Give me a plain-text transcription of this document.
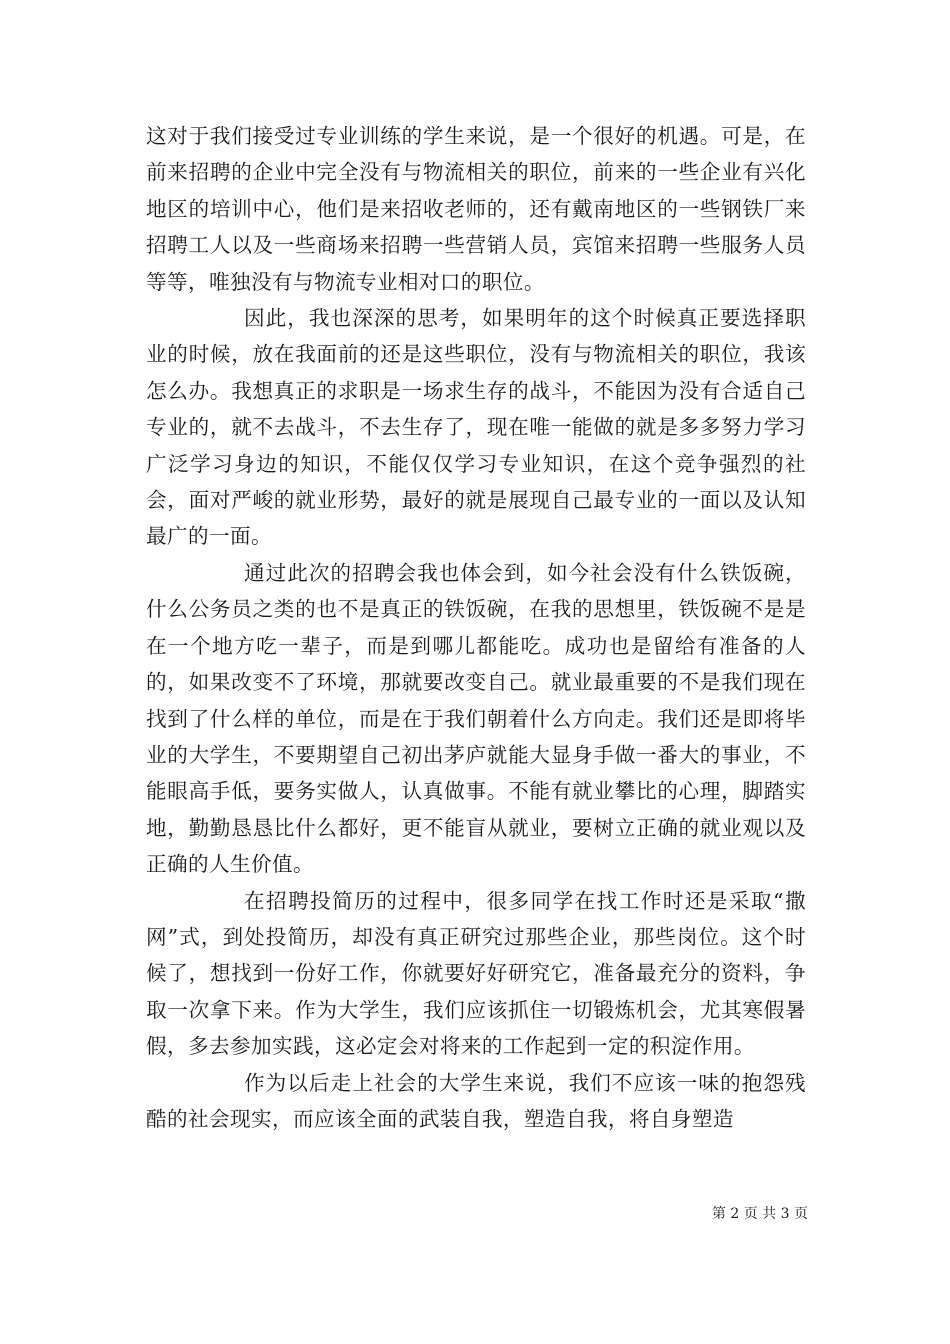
这对于我们接受过专业训练的学生来说，是一个很好的机遇。可是，在前来招聘的企业中完全没有与物流相关的职位，前来的一些企业有兴化地区的培训中心，他们是来招收老师的，还有戴南地区的一些钢铁厂来招聘工人以及一些商场来招聘一些营销人员，宾馆来招聘一些服务人员等等，唯独没有与物流专业相对口的职位。

因此，我也深深的思考，如果明年的这个时候真正要选择职业的时候，放在我面前的还是这些职位，没有与物流相关的职位，我该怎么办。我想真正的求职是一场求生存的战斗，不能因为没有合适自己专业的，就不去战斗，不去生存了，现在唯一能做的就是多多努力学习广泛学习身边的知识，不能仅仅学习专业知识，在这个竞争强烈的社会，面对严峻的就业形势，最好的就是展现自己最专业的一面以及认知最广的一面。

通过此次的招聘会我也体会到，如今社会没有什么铁饭碗，什么公务员之类的也不是真正的铁饭碗，在我的思想里，铁饭碗不是是在一个地方吃一辈子，而是到哪儿都能吃。成功也是留给有准备的人的，如果改变不了环境，那就要改变自己。就业最重要的不是我们现在找到了什么样的单位，而是在于我们朝着什么方向走。我们还是即将毕业的大学生，不要期望自己初出茅庐就能大显身手做一番大的事业，不能眼高手低，要务实做人，认真做事。不能有就业攀比的心理，脚踏实地，勤勤恳恳比什么都好，更不能盲从就业，要树立正确的就业观以及正确的人生价值。

在招聘投简历的过程中，很多同学在找工作时还是采取“撒网”式，到处投简历，却没有真正研究过那些企业，那些岗位。这个时候了，想找到一份好工作，你就要好好研究它，准备最充分的资料，争取一次拿下来。作为大学生，我们应该抓住一切锻炼机会，尤其寒假暑假，多去参加实践，这必定会对将来的工作起到一定的积淀作用。

作为以后走上社会的大学生来说，我们不应该一味的抱怨残酷的社会现实，而应该全面的武装自我，塑造自我，将自身塑造

第 2 页 共 3 页
